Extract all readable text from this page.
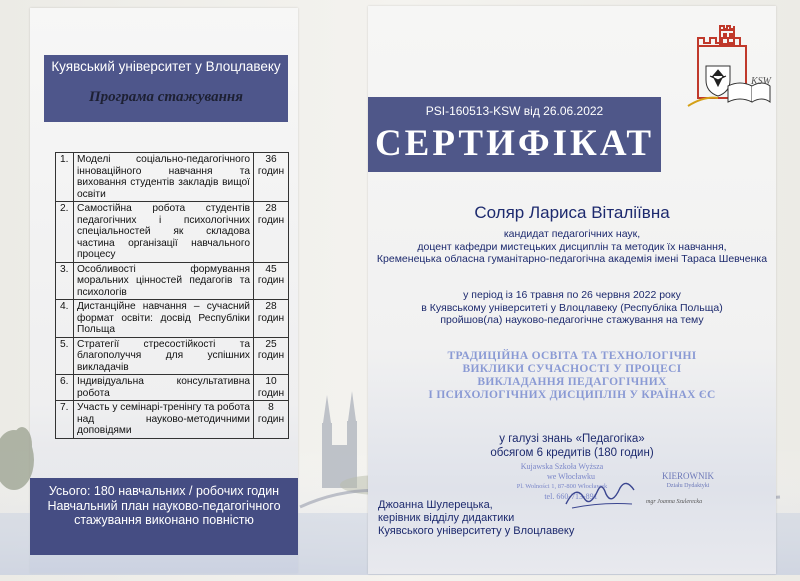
Куявський університет у Влоцлавеку
Програма стажування
1.	Моделі соціально-педагогічного інноваційного навчання та виховання студентів закладів вищої освіти	36 годин
2.	Самостійна робота студентів педагогічних і психологічних спеціальностей як складова частина організації навчального процесу	28 годин
3.	Особливості формування моральних цінностей педагогів та психологів	45 годин
4.	Дистанційне навчання – сучасний формат освіти: досвід Республіки Польща	28 годин
5.	Стратегії стресостійкості та благополуччя для успішних викладачів	25 годин
6.	Індивідуальна консультативна робота	10 годин
7.	Участь у семінарі-тренінгу та робота над науково-методичними доповідями	8 годин
Усього: 180 навчальних / робочих годин
Навчальний план науково-педагогічного
стажування виконано повністю
PSI-160513-KSW від 26.06.2022
СЕРТИФІКАТ
KSW
Соляр Лариса Віталіївна
кандидат педагогічних наук,
доцент кафедри мистецьких дисциплін та методик їх навчання,
Кременецька обласна гуманітарно-педагогічна академія імені Тараса Шевченка
у період із 16 травня по 26 червня 2022 року
в Куявському університеті у Влоцлавеку (Республіка Польща)
пройшов(ла) науково-педагогічне стажування на тему
ТРАДИЦІЙНА ОСВІТА ТА ТЕХНОЛОГІЧНІ
ВИКЛИКИ СУЧАСНОСТІ У ПРОЦЕСІ
ВИКЛАДАННЯ ПЕДАГОГІЧНИХ
І ПСИХОЛОГІЧНИХ ДИСЦИПЛІН У КРАЇНАХ ЄС
у галузі знань «Педагогіка»
обсягом 6 кредитів (180 годин)
Kujawska Szkoła Wyższa
we Włocławku
Pl. Wolności 1, 87-800 Włocławek
tel. 660-713-891
KIEROWNIK
Działu Dydaktyki
mgr Joanna Szulerecka
Джоанна Шулерецька,
керівник відділу дидактики
Куявського університету у Влоцлавеку
